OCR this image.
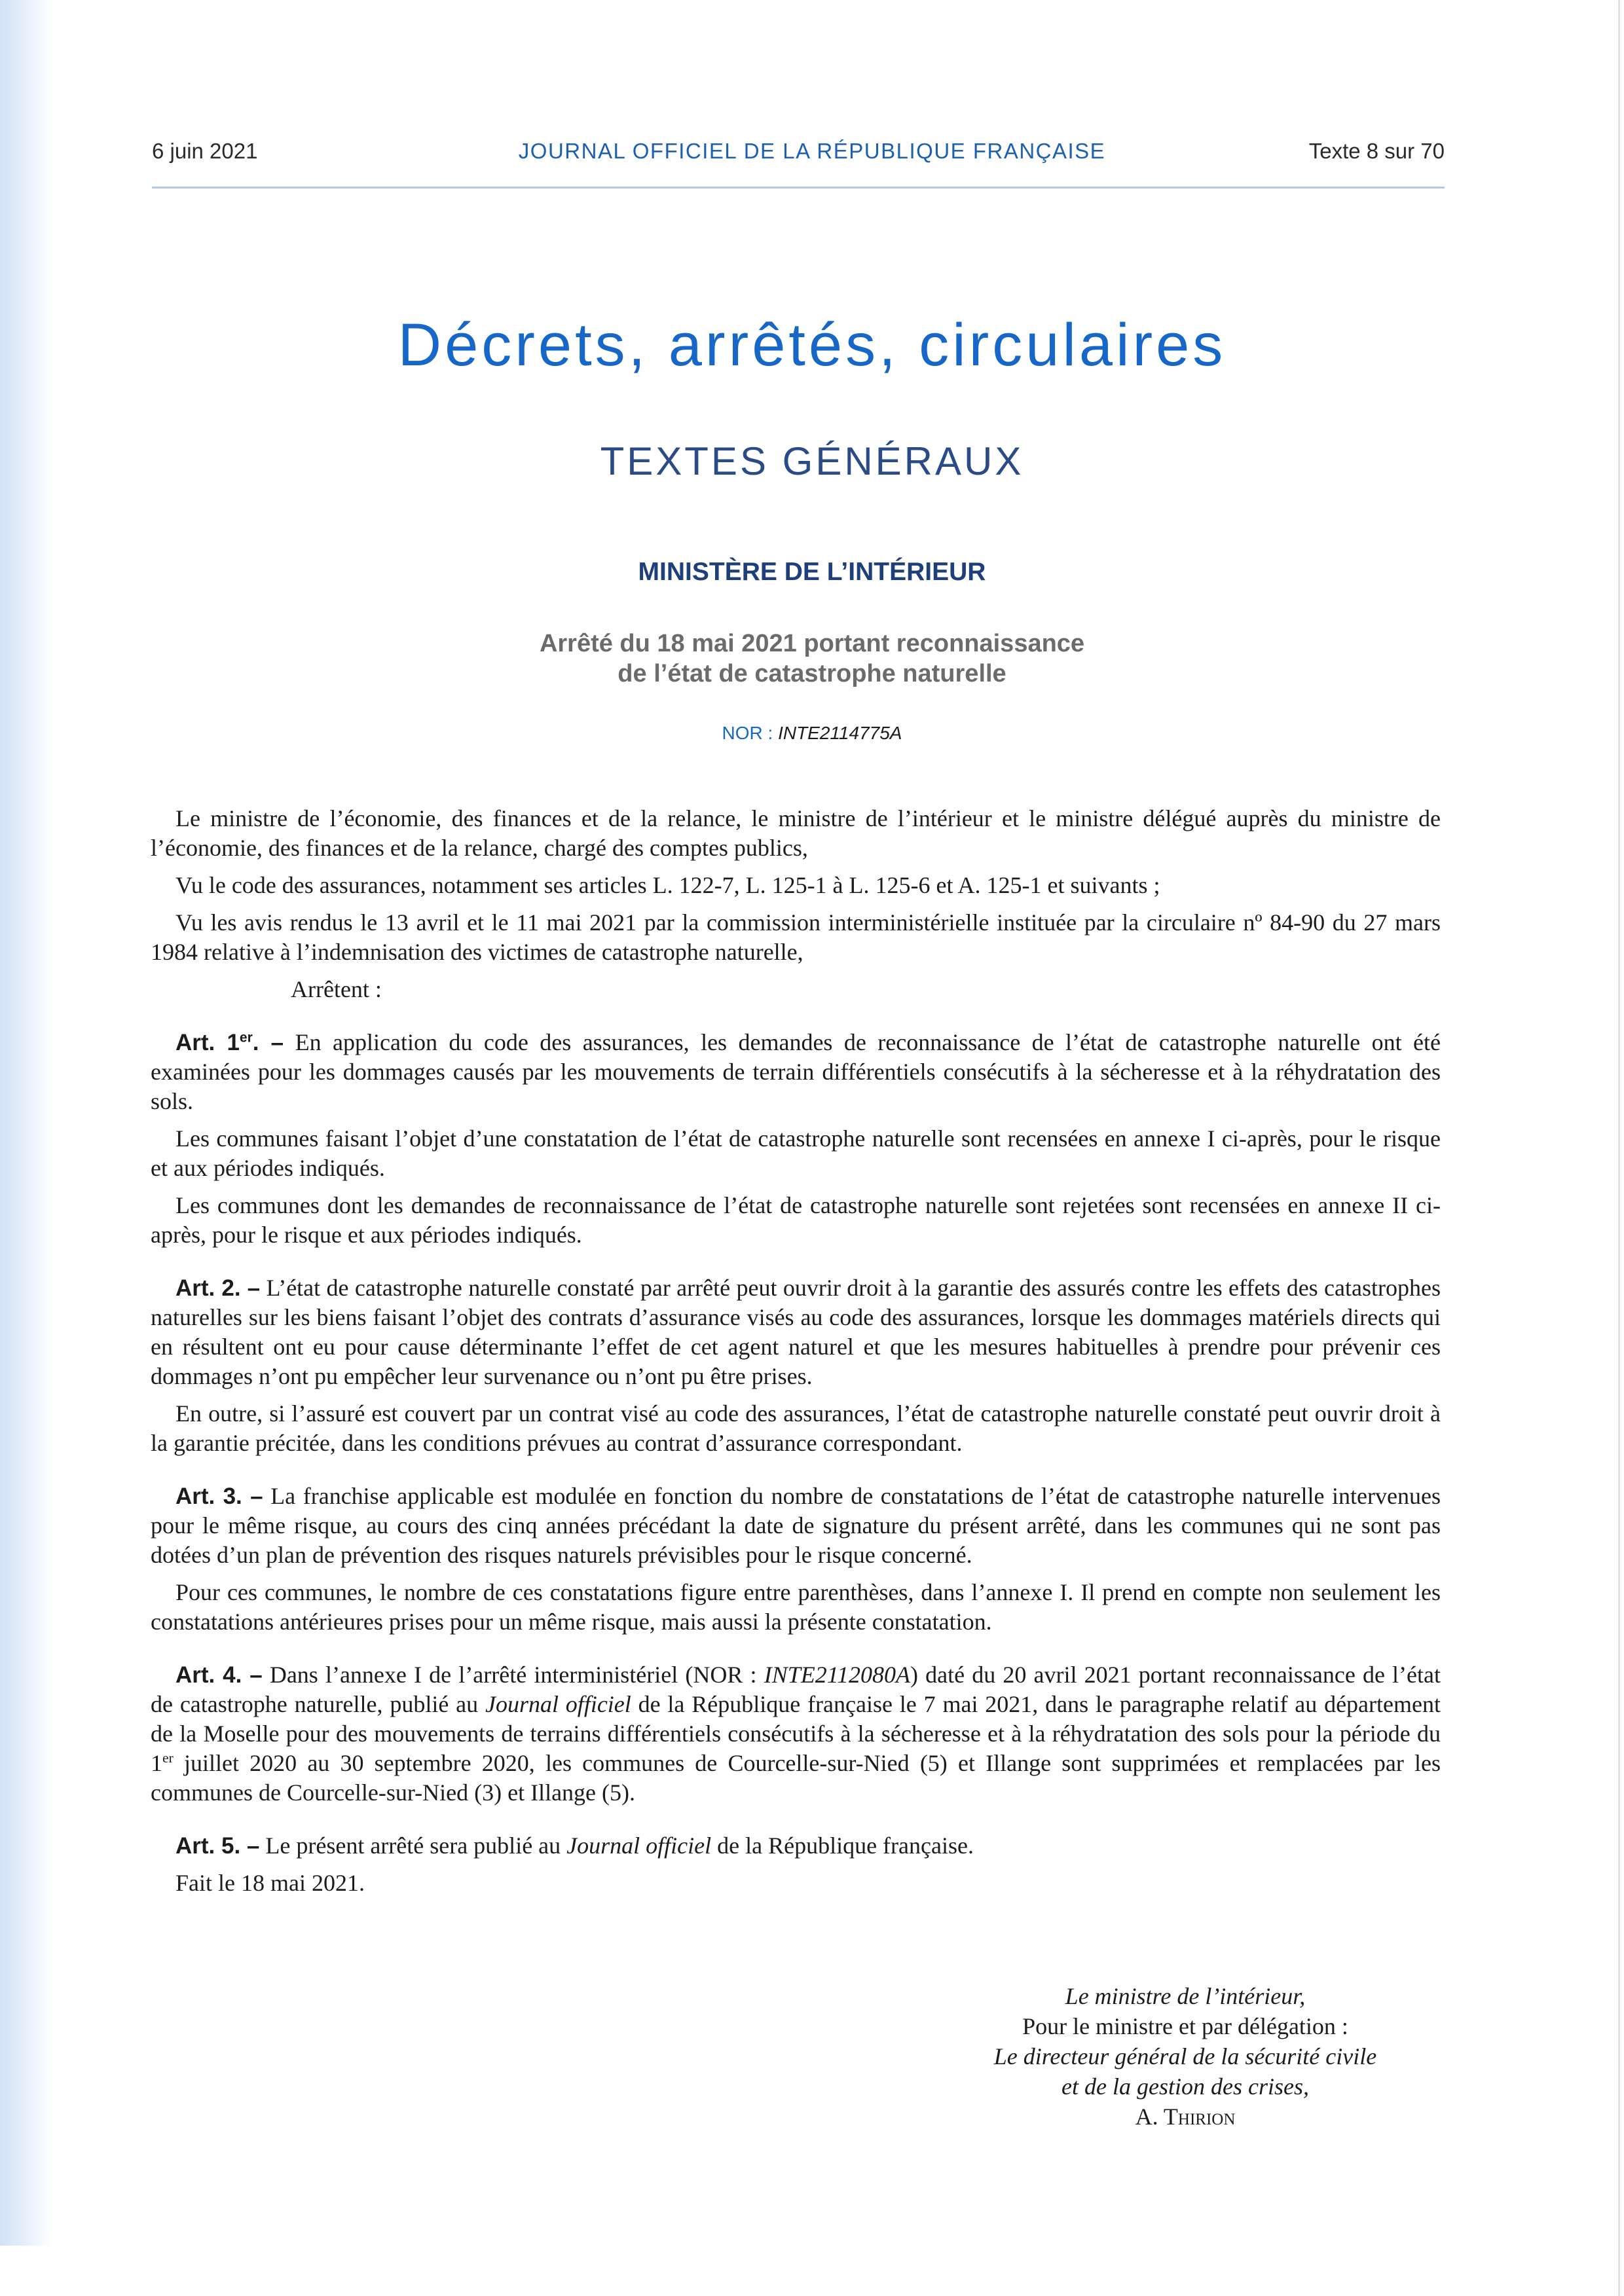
6 juin 2021	JOURNAL OFFICIEL DE LA RÉPUBLIQUE FRANÇAISE	Texte 8 sur 70
Décrets, arrêtés, circulaires
TEXTES GÉNÉRAUX
MINISTÈRE DE L’INTÉRIEUR
Arrêté du 18 mai 2021 portant reconnaissance
de l’état de catastrophe naturelle
NOR : INTE2114775A

Le ministre de l’économie, des finances et de la relance, le ministre de l’intérieur et le ministre délégué auprès du ministre de l’économie, des finances et de la relance, chargé des comptes publics,

Vu le code des assurances, notamment ses articles L. 122-7, L. 125-1 à L. 125-6 et A. 125-1 et suivants ;

Vu les avis rendus le 13 avril et le 11 mai 2021 par la commission interministérielle instituée par la circulaire nº 84-90 du 27 mars 1984 relative à l’indemnisation des victimes de catastrophe naturelle,

Arrêtent :

Art. 1er. – En application du code des assurances, les demandes de reconnaissance de l’état de catastrophe naturelle ont été examinées pour les dommages causés par les mouvements de terrain différentiels consécutifs à la sécheresse et à la réhydratation des sols.

Les communes faisant l’objet d’une constatation de l’état de catastrophe naturelle sont recensées en annexe I ci-après, pour le risque et aux périodes indiqués.

Les communes dont les demandes de reconnaissance de l’état de catastrophe naturelle sont rejetées sont recensées en annexe II ci-après, pour le risque et aux périodes indiqués.

Art. 2. – L’état de catastrophe naturelle constaté par arrêté peut ouvrir droit à la garantie des assurés contre les effets des catastrophes naturelles sur les biens faisant l’objet des contrats d’assurance visés au code des assurances, lorsque les dommages matériels directs qui en résultent ont eu pour cause déterminante l’effet de cet agent naturel et que les mesures habituelles à prendre pour prévenir ces dommages n’ont pu empêcher leur survenance ou n’ont pu être prises.

En outre, si l’assuré est couvert par un contrat visé au code des assurances, l’état de catastrophe naturelle constaté peut ouvrir droit à la garantie précitée, dans les conditions prévues au contrat d’assurance correspondant.

Art. 3. – La franchise applicable est modulée en fonction du nombre de constatations de l’état de catastrophe naturelle intervenues pour le même risque, au cours des cinq années précédant la date de signature du présent arrêté, dans les communes qui ne sont pas dotées d’un plan de prévention des risques naturels prévisibles pour le risque concerné.

Pour ces communes, le nombre de ces constatations figure entre parenthèses, dans l’annexe I. Il prend en compte non seulement les constatations antérieures prises pour un même risque, mais aussi la présente constatation.

Art. 4. – Dans l’annexe I de l’arrêté interministériel (NOR : INTE2112080A) daté du 20 avril 2021 portant reconnaissance de l’état de catastrophe naturelle, publié au Journal officiel de la République française le 7 mai 2021, dans le paragraphe relatif au département de la Moselle pour des mouvements de terrains différentiels consécutifs à la sécheresse et à la réhydratation des sols pour la période du 1er juillet 2020 au 30 septembre 2020, les communes de Courcelle-sur-Nied (5) et Illange sont supprimées et remplacées par les communes de Courcelle-sur-Nied (3) et Illange (5).

Art. 5. – Le présent arrêté sera publié au Journal officiel de la République française.

Fait le 18 mai 2021.

Le ministre de l’intérieur,
Pour le ministre et par délégation :
Le directeur général de la sécurité civile
et de la gestion des crises,
A. Thirion
